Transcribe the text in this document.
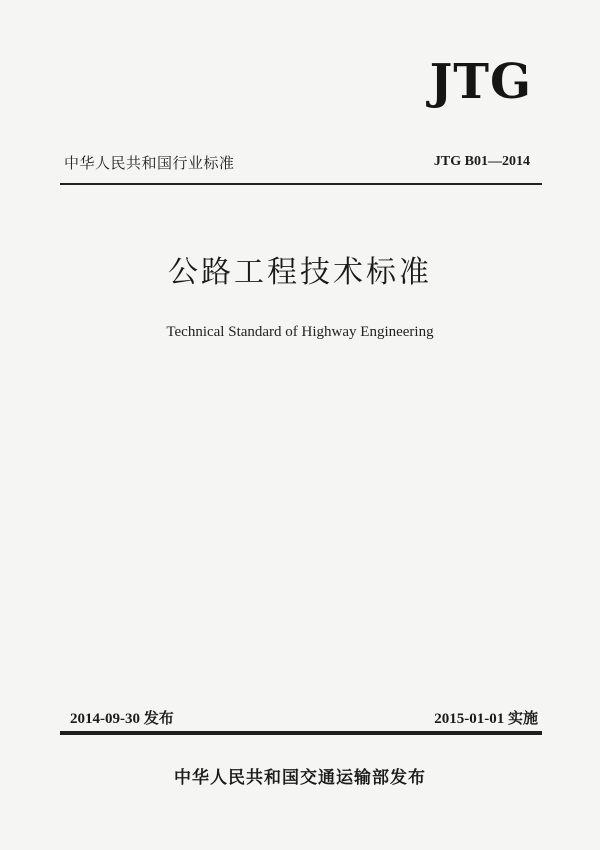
JTG
中华人民共和国行业标准	JTG B01—2014
公路工程技术标准
Technical Standard of Highway Engineering
2014-09-30 发布	2015-01-01 实施
中华人民共和国交通运输部发布
